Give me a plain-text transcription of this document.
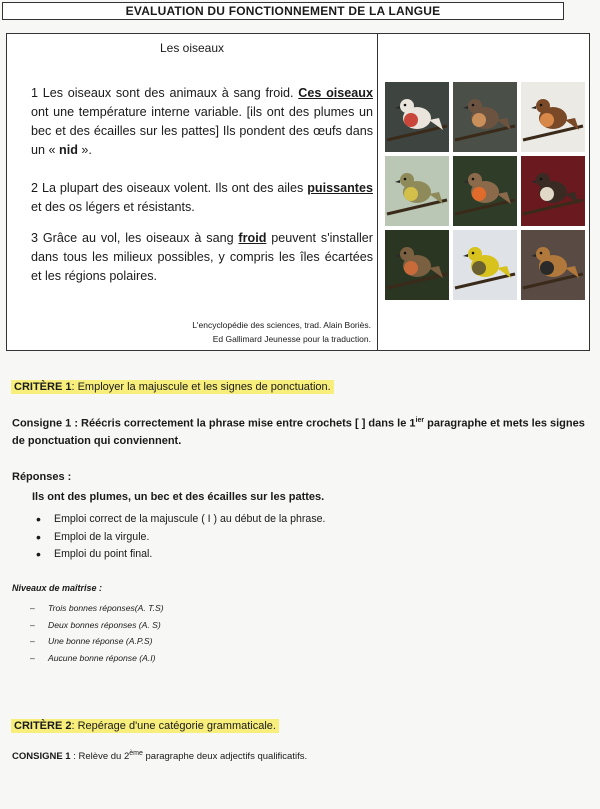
EVALUATION DU FONCTIONNEMENT DE LA LANGUE
Les oiseaux
1 Les oiseaux sont des animaux à sang froid. Ces oiseaux ont une température interne variable. [ils ont des plumes un bec et des écailles sur les pattes] Ils pondent des œufs dans un « nid ».
2 La plupart des oiseaux volent. Ils ont des ailes puissantes et des os légers et résistants.
3 Grâce au vol, les oiseaux à sang froid peuvent s'installer dans tous les milieux possibles, y compris les îles écartées et les régions polaires.
L'encyclopédie des sciences, trad. Alain Boriès.
Ed Gallimard Jeunesse pour la traduction.
CRITÈRE 1: Employer la majuscule et les signes de ponctuation.
Consigne 1 : Réécris correctement la phrase mise entre crochets [ ] dans le $1^{ier}$ paragraphe et mets les signes de ponctuation qui conviennent.
Réponses :
Ils ont des plumes, un bec et des écailles sur les pattes.
• Emploi correct de la majuscule ( I ) au début de la phrase.
• Emploi de la virgule.
• Emploi du point final.
Niveaux de maîtrise :
– Trois bonnes réponses(A. T.S)
– Deux bonnes réponses (A. S)
– Une bonne réponse (A.P.S)
– Aucune bonne réponse (A.I)
CRITÈRE 2: Repérage d'une catégorie grammaticale.
CONSIGNE 1 : Relève du 2ème paragraphe deux adjectifs qualificatifs.
